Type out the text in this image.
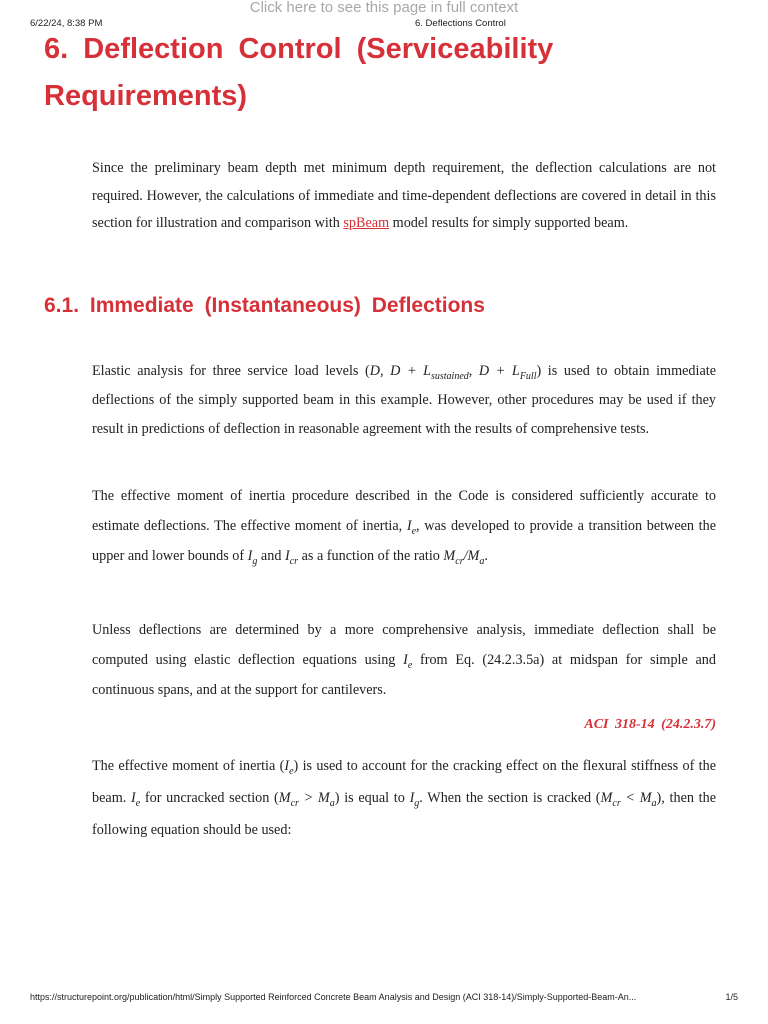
6/22/24, 8:38 PM	6. Deflections Control
Click here to see this page in full context
6. Deflection Control (Serviceability Requirements)

Since the preliminary beam depth met minimum depth requirement, the deflection calculations are not required. However, the calculations of immediate and time-dependent deflections are covered in detail in this section for illustration and comparison with spBeam model results for simply supported beam.

6.1. Immediate (Instantaneous) Deflections

Elastic analysis for three service load levels (D, $D + L_{sustained}$, $D + L_{Full}$) is used to obtain immediate deflections of the simply supported beam in this example. However, other procedures may be used if they result in predictions of deflection in reasonable agreement with the results of comprehensive tests.

The effective moment of inertia procedure described in the Code is considered sufficiently accurate to estimate deflections. The effective moment of inertia, $I_e$, was developed to provide a transition between the upper and lower bounds of $I_g$ and $I_{cr}$ as a function of the ratio $M_{cr}/M_a$.

Unless deflections are determined by a more comprehensive analysis, immediate deflection shall be computed using elastic deflection equations using $I_e$ from Eq. (24.2.3.5a) at midspan for simple and continuous spans, and at the support for cantilevers.

ACI 318-14 (24.2.3.7)

The effective moment of inertia $(I_e)$ is used to account for the cracking effect on the flexural stiffness of the beam. $I_e$ for uncracked section $(M_{cr} > M_a)$ is equal to $I_g$. When the section is cracked $(M_{cr} < M_a)$, then the following equation should be used:

https://structurepoint.org/publication/html/Simply Supported Reinforced Concrete Beam Analysis and Design (ACI 318-14)/Simply-Supported-Beam-An...	1/5
